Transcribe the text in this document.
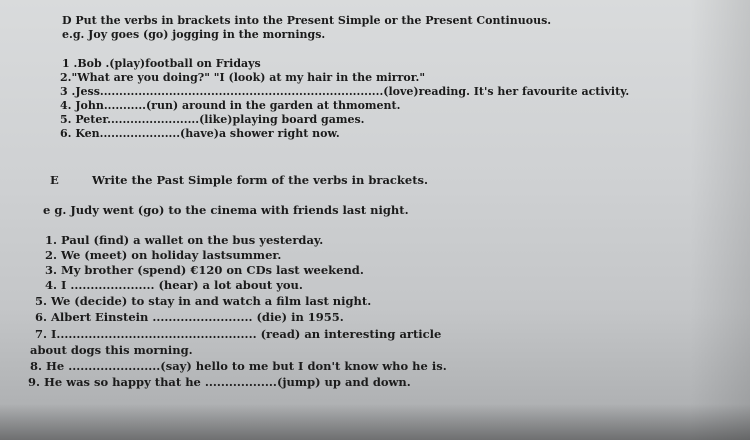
D Put the verbs in brackets into the Present Simple or the Present Continuous.
e.g. Joy goes (go) jogging in the mornings.
1 .Bob .(play)football on Fridays
2."What are you doing?" "I (look) at my hair in the mirror."
3 .Jess..........................................................................(love)reading. It's her favourite activity.
4. John...........(run) around in the garden at thmoment.
5. Peter........................(like)playing board games.
6. Ken.....................(have)a shower right now.
E	Write the Past Simple form of the verbs in brackets.
e g. Judy went (go) to the cinema with friends last night.
1. Paul (find) a wallet on the bus yesterday.
2. We (meet) on holiday lastsummer.
3. My brother (spend) €120 on CDs last weekend.
4. I ..................... (hear) a lot about you.
5. We (decide) to stay in and watch a film last night.
6. Albert Einstein ......................... (die) in 1955.
7. I.................................................. (read) an interesting article
about dogs this morning.
8. He .......................(say) hello to me but I don't know who he is.
9. He was so happy that he ..................(jump) up and down.
